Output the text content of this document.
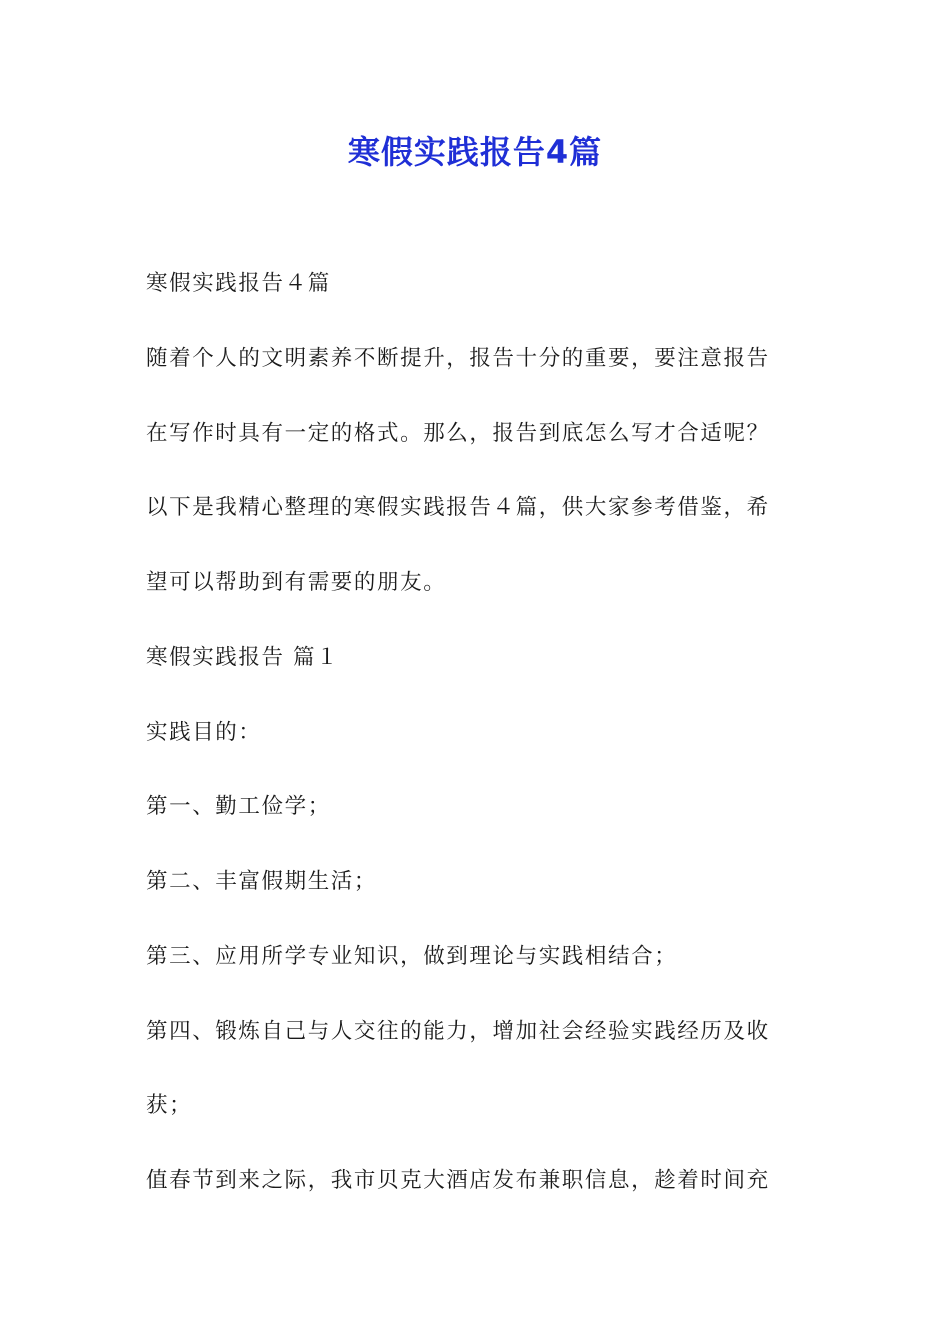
寒假实践报告4篇
寒假实践报告４篇
随着个人的文明素养不断提升，报告十分的重要，要注意报告
在写作时具有一定的格式。那么，报告到底怎么写才合适呢？
以下是我精心整理的寒假实践报告４篇，供大家参考借鉴，希
望可以帮助到有需要的朋友。
寒假实践报告 篇１
实践目的：
第一、勤工俭学；
第二、丰富假期生活；
第三、应用所学专业知识，做到理论与实践相结合；
第四、锻炼自己与人交往的能力，增加社会经验实践经历及收
获；
值春节到来之际，我市贝克大酒店发布兼职信息，趁着时间充
